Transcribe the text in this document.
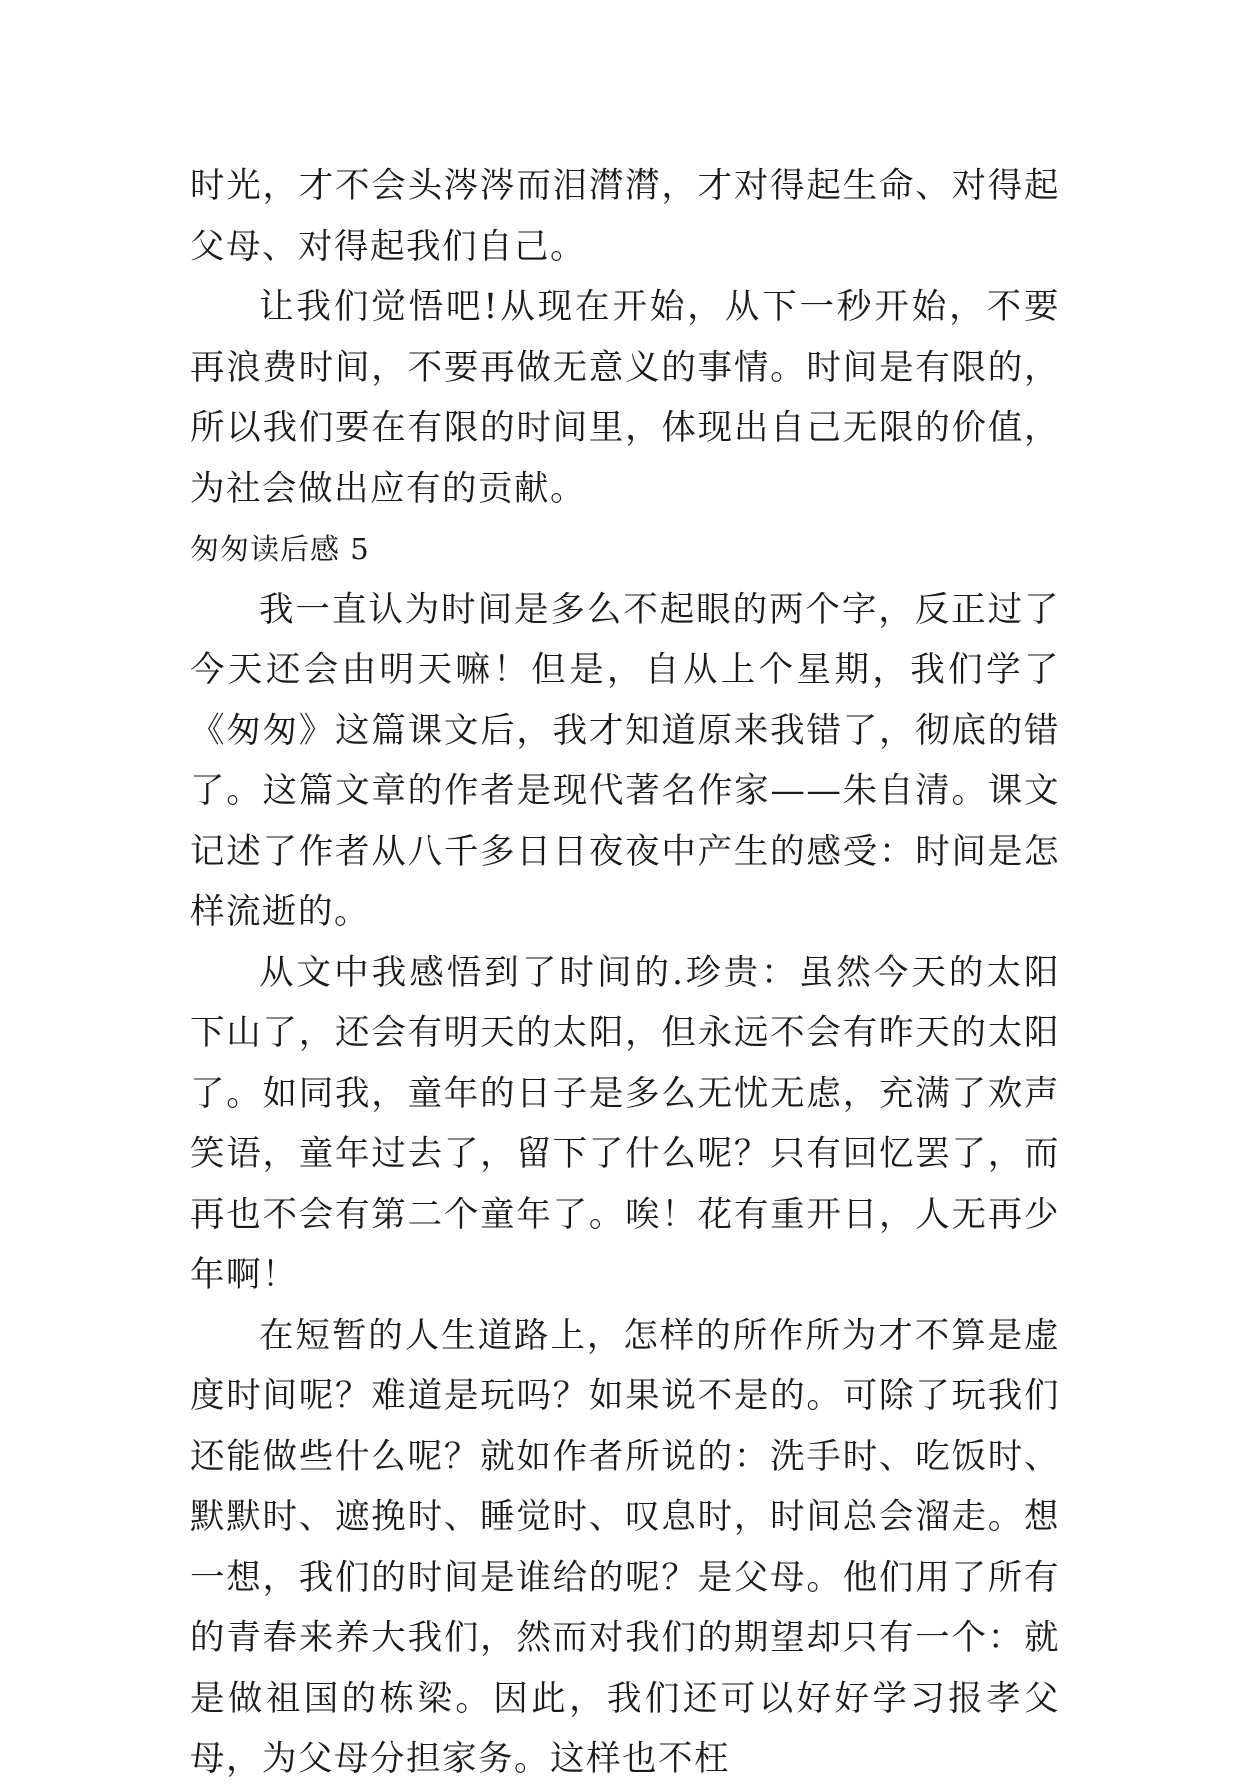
时光，才不会头涔涔而泪潸潸，才对得起生命、对得起父母、对得起我们自己。

让我们觉悟吧!从现在开始，从下一秒开始，不要再浪费时间，不要再做无意义的事情。时间是有限的，所以我们要在有限的时间里，体现出自己无限的价值，为社会做出应有的贡献。

匆匆读后感 5

我一直认为时间是多么不起眼的两个字，反正过了今天还会由明天嘛！但是，自从上个星期，我们学了《匆匆》这篇课文后，我才知道原来我错了，彻底的错了。这篇文章的作者是现代著名作家——朱自清。课文记述了作者从八千多日日夜夜中产生的感受：时间是怎样流逝的。

从文中我感悟到了时间的.珍贵：虽然今天的太阳下山了，还会有明天的太阳，但永远不会有昨天的太阳了。如同我，童年的日子是多么无忧无虑，充满了欢声笑语，童年过去了，留下了什么呢？只有回忆罢了，而再也不会有第二个童年了。唉！花有重开日，人无再少年啊！

在短暂的人生道路上，怎样的所作所为才不算是虚度时间呢？难道是玩吗？如果说不是的。可除了玩我们还能做些什么呢？就如作者所说的：洗手时、吃饭时、默默时、遮挽时、睡觉时、叹息时，时间总会溜走。想一想，我们的时间是谁给的呢？是父母。他们用了所有的青春来养大我们，然而对我们的期望却只有一个：就是做祖国的栋梁。因此，我们还可以好好学习报孝父母，为父母分担家务。这样也不枉
